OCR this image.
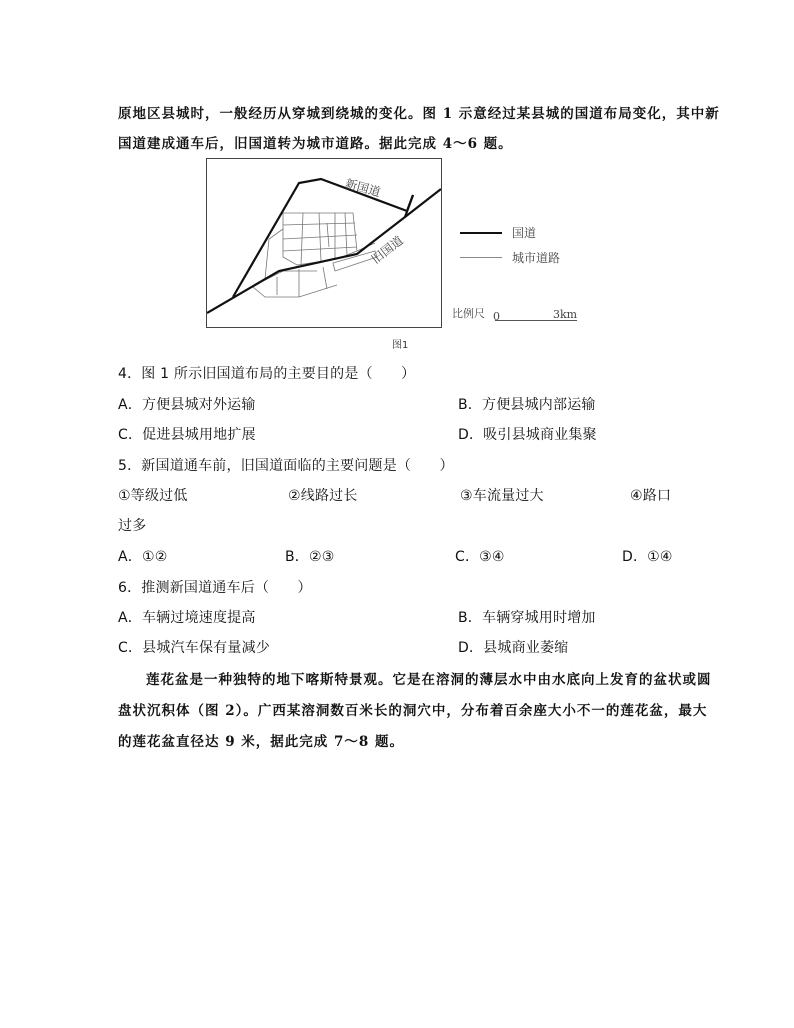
原地区县城时，一般经历从穿城到绕城的变化。图 1 示意经过某县城的国道布局变化，其中新
国道建成通车后，旧国道转为城市道路。据此完成 4～6 题。
新国道
旧国道
国道
城市道路
比例尺 0	3km
图1
4．图 1 所示旧国道布局的主要目的是（　　）
A．方便县城对外运输	B．方便县城内部运输
C．促进县城用地扩展	D．吸引县城商业集聚
5．新国道通车前，旧国道面临的主要问题是（　　）
①等级过低	②线路过长	③车流量过大	④路口
过多
A．①②	B．②③	C．③④	D．①④
6．推测新国道通车后（　　）
A．车辆过境速度提高	B．车辆穿城用时增加
C．县城汽车保有量减少	D．县城商业萎缩
莲花盆是一种独特的地下喀斯特景观。它是在溶洞的薄层水中由水底向上发育的盆状或圆
盘状沉积体（图 2）。广西某溶洞数百米长的洞穴中，分布着百余座大小不一的莲花盆，最大
的莲花盆直径达 9 米，据此完成 7～8 题。
